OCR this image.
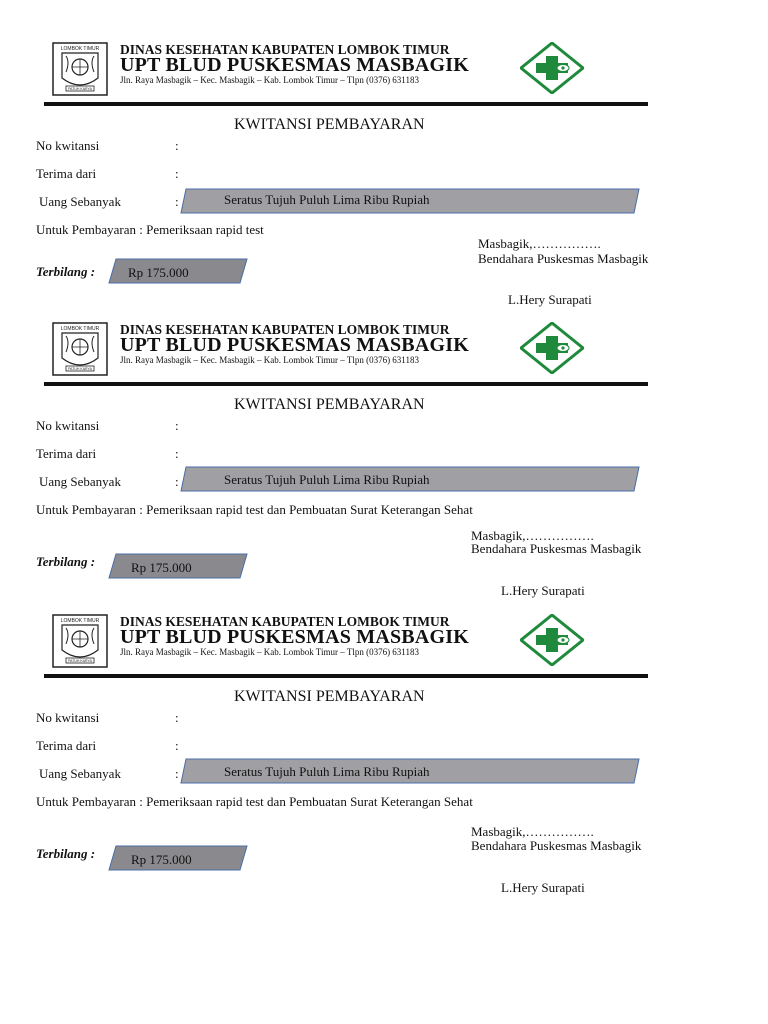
LOMBOK TIMUR
PATUH KARYA
DINAS KESEHATAN KABUPATEN LOMBOK TIMUR
UPT BLUD PUSKESMAS MASBAGIK
Jln. Raya Masbagik – Kec. Masbagik – Kab. Lombok Timur – Tlpn (0376) 631183
KWITANSI PEMBAYARAN
No kwitansi	:
Terima dari	:
Uang Sebanyak	:	Seratus Tujuh Puluh Lima Ribu Rupiah
Untuk Pembayaran : Pemeriksaan rapid test
Masbagik,…………….
Bendahara Puskesmas Masbagik
Terbilang :	Rp 175.000
L.Hery Surapati
LOMBOK TIMUR
PATUH KARYA
DINAS KESEHATAN KABUPATEN LOMBOK TIMUR
UPT BLUD PUSKESMAS MASBAGIK
Jln. Raya Masbagik – Kec. Masbagik – Kab. Lombok Timur – Tlpn (0376) 631183
KWITANSI PEMBAYARAN
No kwitansi	:
Terima dari	:
Uang Sebanyak	:	Seratus Tujuh Puluh Lima Ribu Rupiah
Untuk Pembayaran : Pemeriksaan rapid test dan Pembuatan Surat Keterangan Sehat
Masbagik,…………….
Bendahara Puskesmas Masbagik
Terbilang :	Rp 175.000
L.Hery Surapati
LOMBOK TIMUR
PATUH KARYA
DINAS KESEHATAN KABUPATEN LOMBOK TIMUR
UPT BLUD PUSKESMAS MASBAGIK
Jln. Raya Masbagik – Kec. Masbagik – Kab. Lombok Timur – Tlpn (0376) 631183
KWITANSI PEMBAYARAN
No kwitansi	:
Terima dari	:
Uang Sebanyak	:	Seratus Tujuh Puluh Lima Ribu Rupiah
Untuk Pembayaran : Pemeriksaan rapid test dan Pembuatan Surat Keterangan Sehat
Masbagik,…………….
Bendahara Puskesmas Masbagik
Terbilang :	Rp 175.000
L.Hery Surapati
